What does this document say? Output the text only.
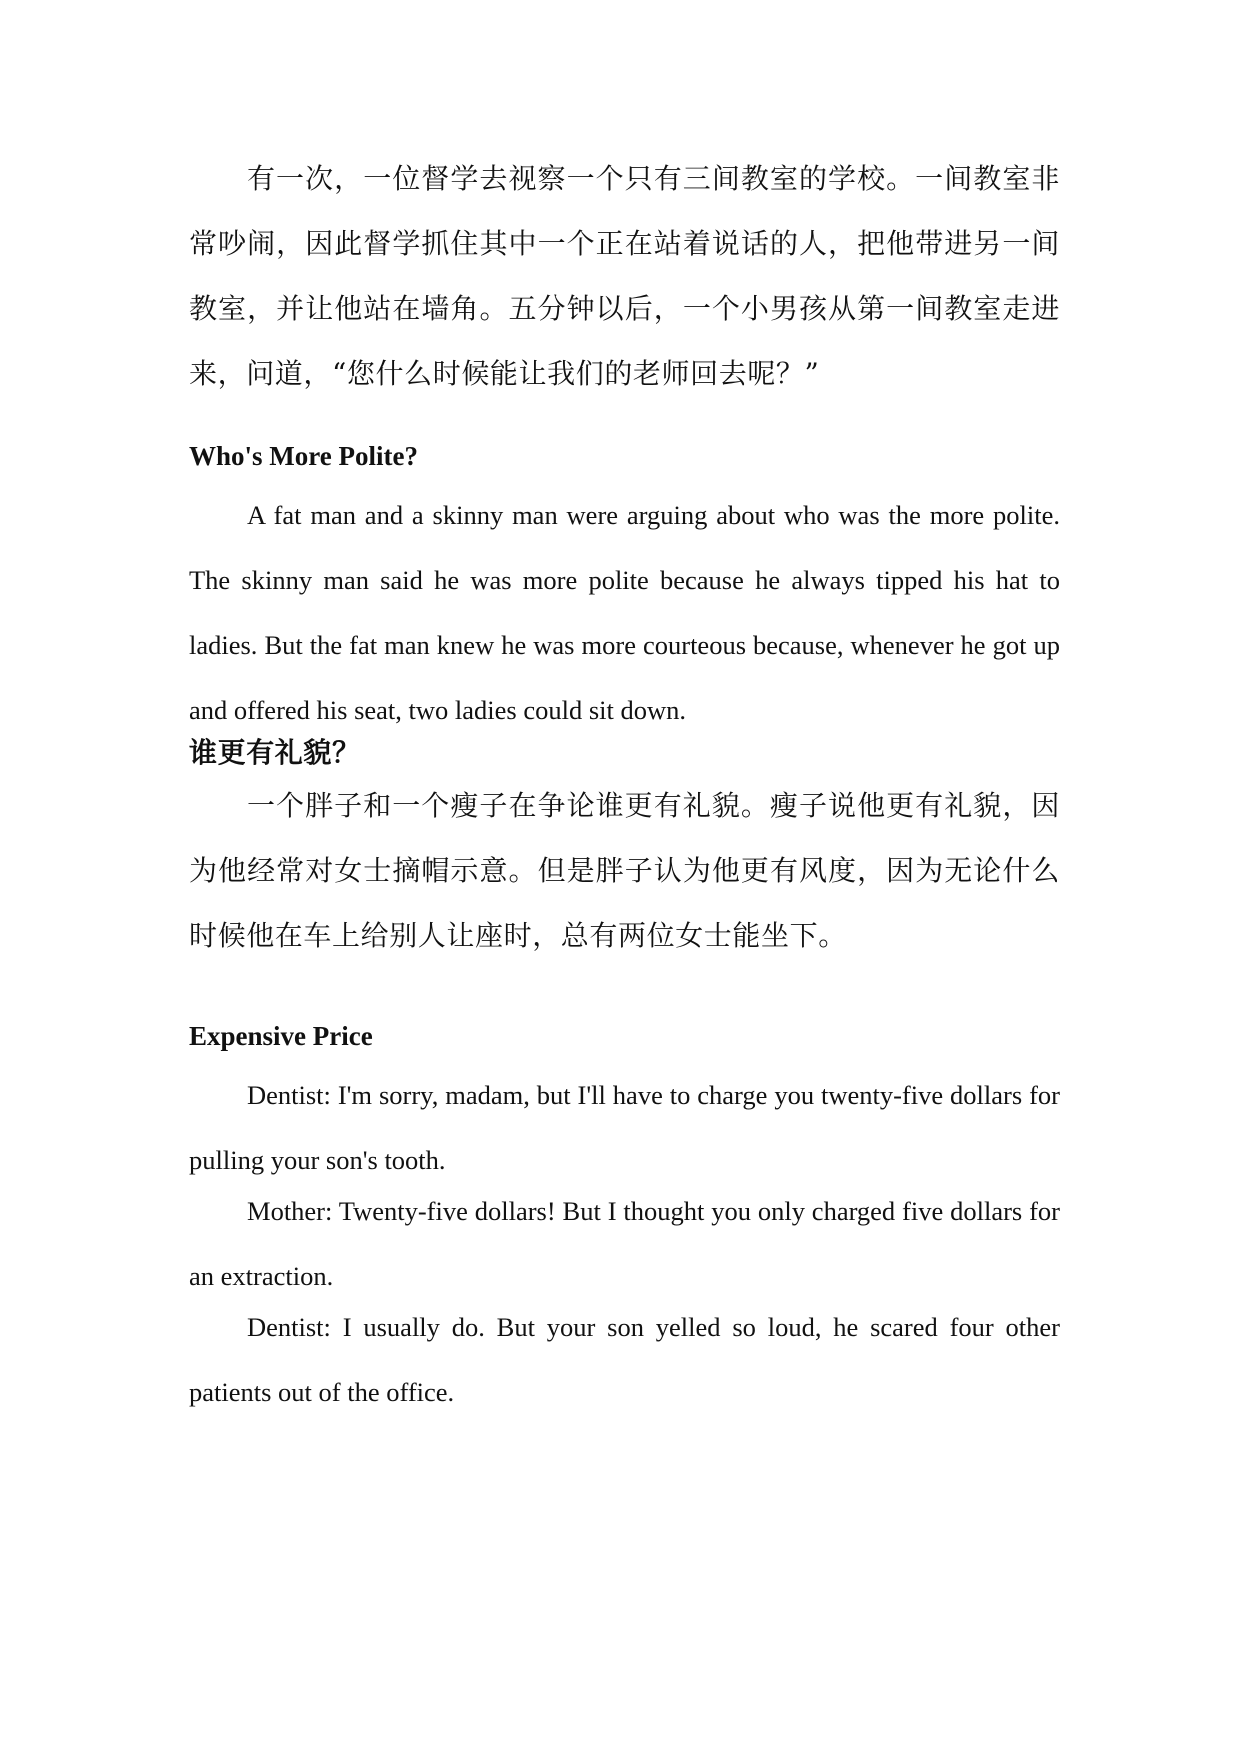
有一次，一位督学去视察一个只有三间教室的学校。一间教室非常吵闹，因此督学抓住其中一个正在站着说话的人，把他带进另一间教室，并让他站在墙角。五分钟以后，一个小男孩从第一间教室走进来，问道，“您什么时候能让我们的老师回去呢？”

Who's More Polite?

A fat man and a skinny man were arguing about who was the more polite. The skinny man said he was more polite because he always tipped his hat to ladies. But the fat man knew he was more courteous because, whenever he got up and offered his seat, two ladies could sit down.

谁更有礼貌？

一个胖子和一个瘦子在争论谁更有礼貌。瘦子说他更有礼貌，因为他经常对女士摘帽示意。但是胖子认为他更有风度，因为无论什么时候他在车上给别人让座时，总有两位女士能坐下。

Expensive Price

Dentist: I'm sorry, madam, but I'll have to charge you twenty-five dollars for pulling your son's tooth.

Mother: Twenty-five dollars! But I thought you only charged five dollars for an extraction.

Dentist: I usually do. But your son yelled so loud, he scared four other patients out of the office.
